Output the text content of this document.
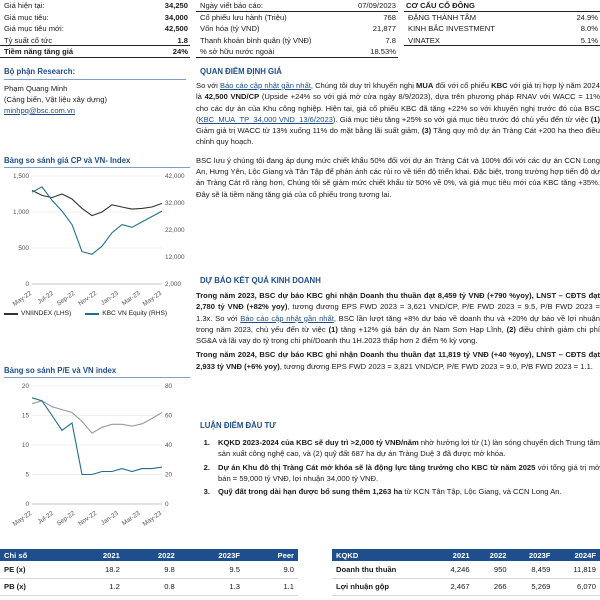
Giá hiện tại:	34,250
Giá mục tiêu:	34,000
Giá mục tiêu mới:	42,500
Tỷ suất cổ tức	1.8
Tiềm năng tăng giá	24%
Ngày viết báo cáo:	07/09/2023
Cổ phiếu lưu hành (Triệu)	768
Vốn hóa (tỷ VND)	21,877
Thanh khoản bình quân (tỷ VNĐ)	7.8
% sở hữu nước ngoài	18.53%
CƠ CẤU CỔ ĐÔNG
ĐẶNG THÀNH TÂM	24.9%
KINH BẮC INVESTMENT	8.0%
VINATEX	5.1%
Bộ phận Research:
Phạm Quang Minh
(Cảng biển, Vật liệu xây dựng)
minhpq@bsc.com.vn
Bảng so sánh giá CP và VN- Index
0
500
1,000
1,500
2,000
12,000
22,000
32,000
42,000
May-22 Jul-22 Sep-22 Nov-22 Jan-23 Mar-23 May-23
VNIINDEX (LHS)	KBC VN Equity (RHS)
Bảng so sánh P/E và VN index
0
5
10
15
20
0
20
40
60
80
May-22 Jul-22 Sep-22 Nov-22 Jan-23 Mar-23 May-23
QUAN ĐIỂM ĐỊNH GIÁ

So với Báo cáo cập nhật gần nhất, Chúng tôi duy trì khuyến nghị MUA đối với cổ phiếu KBC với giá trị hợp lý năm 2024 là 42,500 VND/CP (Upside +24% so với giá mở cửa ngày 8/9/2023), dựa trên phương pháp RNAV với WACC = 11% cho các dự án của Khu công nghiệp. Hiện tại, giá cổ phiếu KBC đã tăng +22% so với khuyến nghị trước đó của BSC (KBC_MUA_TP_34,000 VND_13/6/2023). Giá mục tiêu tăng +25% so với giá mục tiêu trước đó chủ yếu đến từ việc (1) Giảm giả trị WACC từ 13% xuống 11% do mặt bằng lãi suất giảm, (3) Tăng quy mô dự án Tràng Cát +200 ha theo điều chỉnh quy hoạch.

BSC lưu ý chúng tôi đang áp dụng mức chiết khấu 50% đối với dự án Tràng Cát và 100% đối với các dự án CCN Long An, Hưng Yên, Lộc Giang và Tân Tập để phản ánh các rủi ro về tiến độ triển khai. Đặc biệt, trong trường hợp tiến độ dự án Tràng Cát rõ ràng hơn, Chúng tôi sẽ giảm mức chiết khấu từ 50% về 0%, và giá mục tiêu mới của KBC tăng +35%. Đây sẽ là tiềm năng tăng giá của cổ phiếu trong tương lai.

DỰ BÁO KẾT QUẢ KINH DOANH

Trong năm 2023, BSC dự báo KBC ghi nhận Doanh thu thuần đạt 8,459 tỷ VNĐ (+790 %yoy), LNST – CĐTS đạt 2,780 tỷ VNĐ (+82% yoy), tương đương EPS FWD 2023 = 3,621 VND/CP, P/E FWD 2023 = 9.5, P/B FWD 2023 = 1.3x. So với Báo cáo cập nhật gần nhất, BSC lần lượt tăng +8% dự báo về doanh thu và +20% dự báo về lợi nhuận trong năm 2023, chủ yếu đến từ việc (1) tăng +12% giá bán dự án Nam Sơn Hạp Lĩnh, (2) điều chỉnh giảm chi phí SG&A và lãi vay do tỷ trọng chi phí/Doanh thu 1H.2023 thấp hơn 2 điểm % kỳ vọng.

Trong năm 2024, BSC dự báo KBC ghi nhận Doanh thu thuần đạt 11,819 tỷ VNĐ (+40 %yoy), LNST – CĐTS đạt 2,933 tỷ VNĐ (+6% yoy), tương đương EPS FWD 2023 = 3,821 VND/CP, P/E FWD 2023 = 9.0, P/B FWD 2023 = 1.1.

LUẬN ĐIỂM ĐẦU TƯ
1. KQKD 2023-2024 của KBC sẽ duy trì >2,000 tỷ VNĐ/năm nhờ hưởng lợi từ (1) làn sóng chuyển dịch Trung tâm sản xuất công nghệ cao, và (2) quỹ đất 687 ha dự án Tràng Duệ 3 đã được mở khóa.
2. Dự án Khu đô thị Tràng Cát mở khóa sẽ là động lực tăng trưởng cho KBC từ năm 2025 với tổng giá trị mở bán = 59,000 tỷ VNĐ, lợi nhuận 34,000 tỷ VNĐ.
3. Quỹ đất trong dài hạn được bổ sung thêm 1,263 ha từ KCN Tân Tập, Lộc Giang, và CCN Long An.
Chỉ số	2021	2022	2023F	Peer
PE (x)	18.2	9.8	9.5	9.0
PB (x)	1.2	0.8	1.3	1.1
KQKD	2021	2022	2023F	2024F
Doanh thu thuần	4,246	950	8,459	11,819
Lợi nhuận gộp	2,467	266	5,269	6,070
